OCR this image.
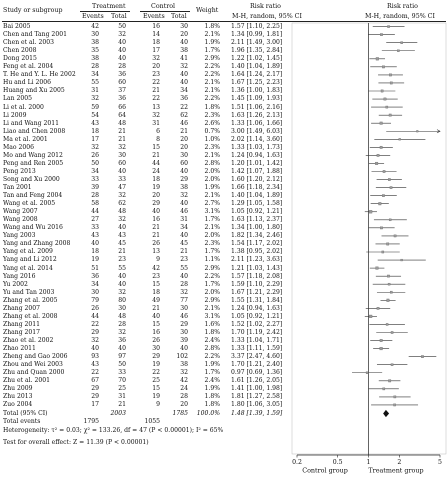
0.2	0.5	1	2	5
Control group	Treatment group
Treatment	Control
Study or subgroup
Risk ratio	Risk ratio
Events Total	Events Total
Weight
M-H, random, 95% CI	M-H, random, 95% CI
Bai 2005	42	50	16	30	1.8% 1.57 [1.10, 2.25]
Chen and Tang 2001	30	32	14	20	2.1% 1.34 [0.99, 1.81]
Chen et al. 2003	38	40	18	40	1.9% 2.11 [1.49, 3.00]
Chen 2008	35	40	17	38	1.7% 1.96 [1.35, 2.84]
Dong 2015	38	40	32	41	2.9% 1.22 [1.02, 1.45]
Feng et al. 2004	28	28	20	32	2.2% 1.40 [1.04, 1.89]
T. He and Y. L. He 2002	34	36	23	40	2.2% 1.64 [1.24, 2.17]
Hu and Li 2006	55	60	22	40	2.1% 1.67 [1.25, 2.23]
Huang and Xu 2005	31	37	21	34	2.1% 1.36 [1.00, 1.83]
Lan 2005	32	36	22	36	2.2% 1.45 [1.09, 1.93]
Li et al. 2000	59	66	13	22	1.8% 1.51 [1.06, 2.16]
Li 2009	54	64	32	62	2.3% 1.63 [1.26, 2.13]
Li and Wang 2011	43	48	31	46	2.6% 1.33 [1.06, 1.66]
Liao and Chen 2008	18	21	6	21	0.7% 3.00 [1.49, 6.03]
Ma et al. 2001	17	21	8	20	1.0% 2.02 [1.14, 3.60]
Mao 2006	32	32	15	20	2.3% 1.33 [1.03, 1.73]
Mo and Wang 2012	26	30	21	30	2.1% 1.24 [0.94, 1.63]
Peng and Ren 2005	50	60	44	60	2.8% 1.20 [1.01, 1.42]
Peng 2013	34	40	24	40	2.0% 1.42 [1.07, 1.88]
Song and Xu 2000	33	33	18	29	2.0% 1.60 [1.20, 2.12]
Tan 2001	39	47	19	38	1.9% 1.66 [1.18, 2.34]
Tan and Feng 2004	28	32	20	32	2.1% 1.40 [1.04, 1.89]
Wang et al. 2005	58	62	29	40	2.7% 1.29 [1.05, 1.58]
Wang 2007	44	48	40	46	3.1% 1.05 [0.92, 1.21]
Wang 2008	27	32	16	31	1.7% 1.63 [1.13, 2.37]
Wang and Wu 2016	33	40	21	34	2.1% 1.34 [1.00, 1.80]
Yang 2003	43	43	21	40	2.0% 1.82 [1.34, 2.46]
Yang and Zhang 2008	40	45	26	45	2.3% 1.54 [1.17, 2.02]
Yang et al. 2009	18	21	13	21	1.7% 1.38 [0.95, 2.02]
Yang and Li 2012	19	23	9	23	1.1% 2.11 [1.23, 3.63]
Yang et al. 2014	51	55	42	55	2.9% 1.21 [1.03, 1.43]
Yang 2016	36	40	23	40	2.2% 1.57 [1.18, 2.08]
Yu 2002	34	40	15	28	1.7% 1.59 [1.10, 2.29]
Yu and Tan 2003	30	32	18	32	2.0% 1.67 [1.21, 2.29]
Zhang et al. 2005	79	80	49	77	2.9% 1.55 [1.31, 1.84]
Zhang 2007	26	30	21	30	2.1% 1.24 [0.94, 1.63]
Zhang et al. 2008	44	48	40	46	3.1% 1.05 [0.92, 1.21]
Zhang 2011	22	28	15	29	1.6% 1.52 [1.02, 2.27]
Zhang 2017	29	32	16	30	1.8% 1.70 [1.19, 2.42]
Zhao et al. 2002	32	36	26	39	2.4% 1.33 [1.04, 1.71]
Zhao 2011	40	40	30	40	2.8% 1.33 [1.11, 1.59]
Zheng and Gao 2006	93	97	29	102	2.2% 3.37 [2.47, 4.60]
Zhou and Wei 2003	43	50	19	38	1.9% 1.70 [1.21, 2.40]
Zhu and Quan 2000	22	33	22	32	1.7% 0.97 [0.69, 1.36]
Zhu et al. 2001	67	70	25	42	2.4% 1.61 [1.26, 2.05]
Zhu 2009	29	25	15	24	1.9% 1.41 [1.00, 1.98]
Zhu 2013	29	31	19	28	1.8% 1.81 [1.27, 2.58]
Zuo 2004	17	21	9	20	1.8% 1.80 [1.06, 3.05]
Total (95% CI)	2003	1785	100.0% 1.48 [1.39, 1.59]
Total events	1795	1055
Heterogeneity: τ² = 0.03; χ² = 133.26, df = 47 (P < 0.00001); I² = 65%
Test for overall effect: Z = 11.39 (P < 0.00001)
